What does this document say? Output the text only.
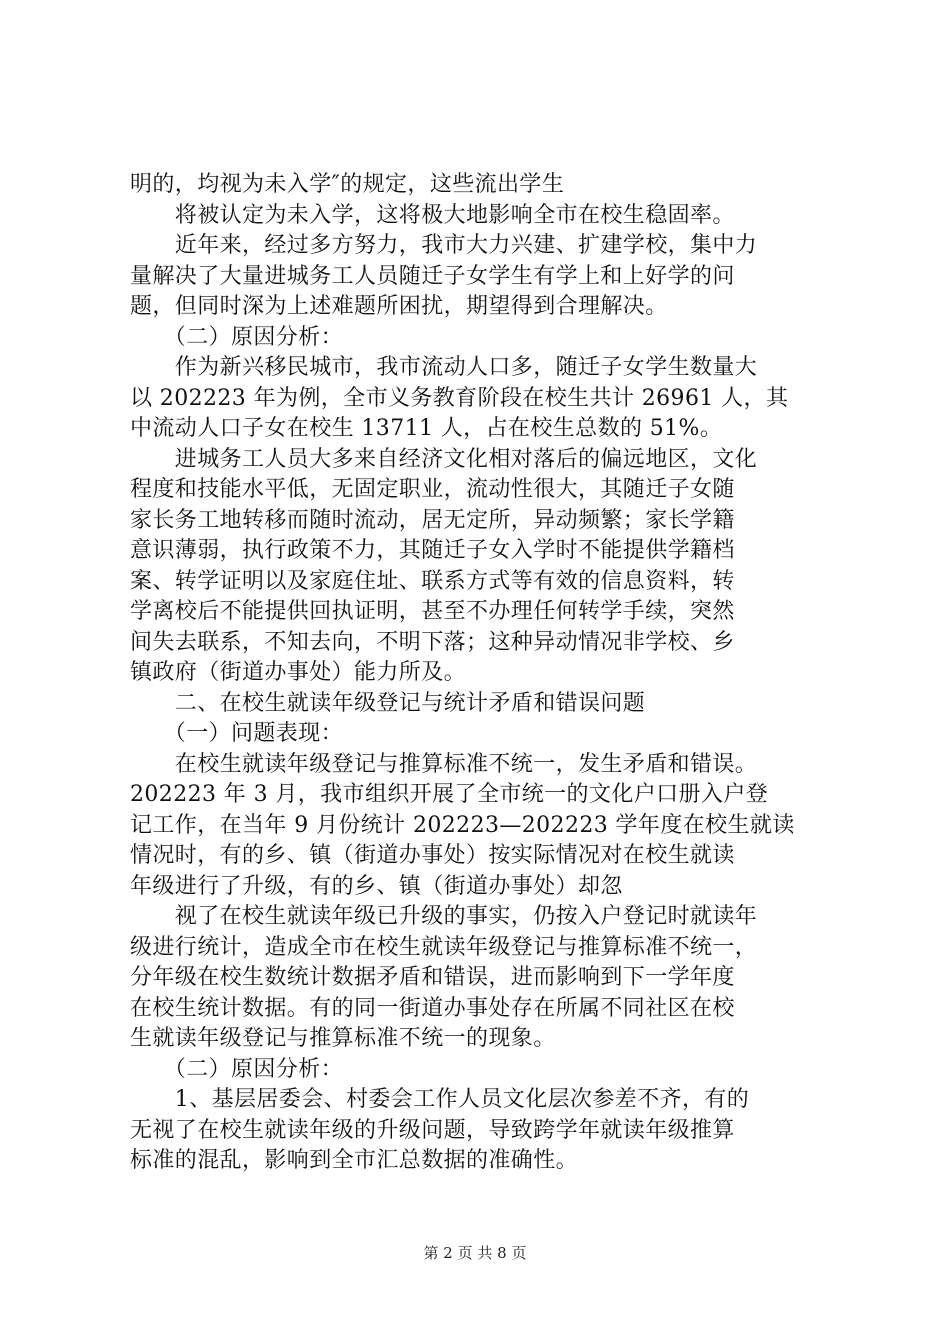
明的，均视为未入学″的规定，这些流出学生
　　将被认定为未入学，这将极大地影响全市在校生稳固率。
　　近年来，经过多方努力，我市大力兴建、扩建学校，集中力
量解决了大量进城务工人员随迁子女学生有学上和上好学的问
题，但同时深为上述难题所困扰，期望得到合理解决。
　　（二）原因分析：
　　作为新兴移民城市，我市流动人口多，随迁子女学生数量大
以 202223 年为例，全市义务教育阶段在校生共计 26961 人，其
中流动人口子女在校生 13711 人，占在校生总数的 51%。
　　进城务工人员大多来自经济文化相对落后的偏远地区，文化
程度和技能水平低，无固定职业，流动性很大，其随迁子女随
家长务工地转移而随时流动，居无定所，异动频繁；家长学籍
意识薄弱，执行政策不力，其随迁子女入学时不能提供学籍档
案、转学证明以及家庭住址、联系方式等有效的信息资料，转
学离校后不能提供回执证明，甚至不办理任何转学手续，突然
间失去联系，不知去向，不明下落；这种异动情况非学校、乡
镇政府（街道办事处）能力所及。
　　二、在校生就读年级登记与统计矛盾和错误问题
　　（一）问题表现：
　　在校生就读年级登记与推算标准不统一，发生矛盾和错误。
202223 年 3 月，我市组织开展了全市统一的文化户口册入户登
记工作，在当年 9 月份统计 202223—202223 学年度在校生就读
情况时，有的乡、镇（街道办事处）按实际情况对在校生就读
年级进行了升级，有的乡、镇（街道办事处）却忽
　　视了在校生就读年级已升级的事实，仍按入户登记时就读年
级进行统计，造成全市在校生就读年级登记与推算标准不统一，
分年级在校生数统计数据矛盾和错误，进而影响到下一学年度
在校生统计数据。有的同一街道办事处存在所属不同社区在校
生就读年级登记与推算标准不统一的现象。
　　（二）原因分析：
　　1、基层居委会、村委会工作人员文化层次参差不齐，有的
无视了在校生就读年级的升级问题，导致跨学年就读年级推算
标准的混乱，影响到全市汇总数据的准确性。
第 2 页 共 8 页
